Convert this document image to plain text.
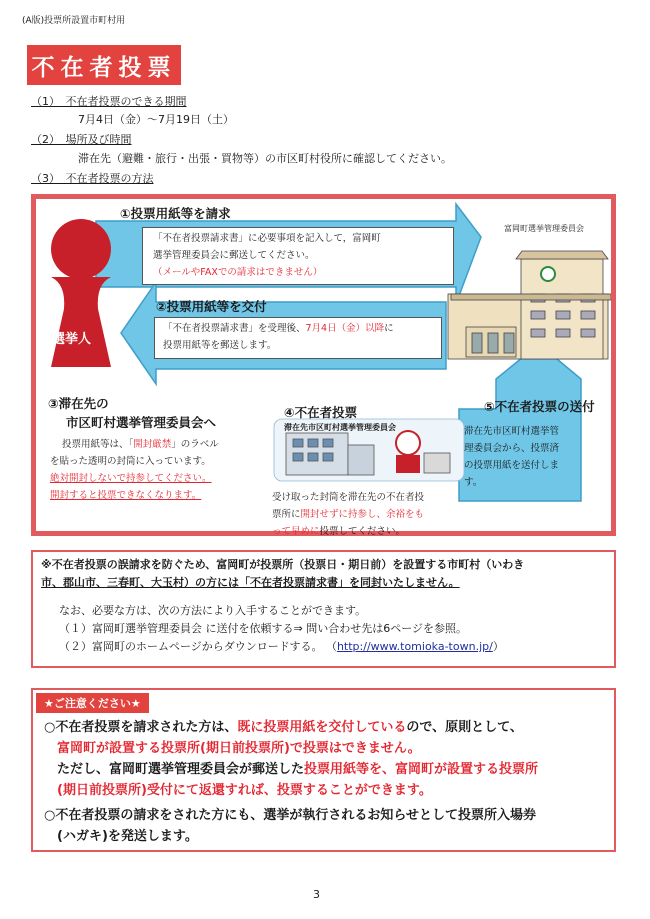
(A版)投票所設置市町村用
不在者投票
（1）　不在者投票のできる期間
7月4日（金）～7月19日（土）
（2）　場所及び時間
滞在先（避難・旅行・出張・買物等）の市区町村役所に確認してください。
（3）　不在者投票の方法
①投票用紙等を請求
選挙人
富岡町選挙管理委員会
「不在者投票請求書」に必要事項を記入して，富岡町
選挙管理委員会に郵送してください。
（メールやFAXでの請求はできません）
②投票用紙等を交付
「不在者投票請求書」を受理後、7月4日（金）以降に
投票用紙等を郵送します。
③滞在先の
市区町村選挙管理委員会へ
投票用紙等は、「開封厳禁」のラベル
を貼った透明の封筒に入っています。
絶対開封しないで持参してください。
開封すると投票できなくなります。
④不在者投票
滞在先市区町村選挙管理委員会
受け取った封筒を滞在先の不在者投
票所に開封せずに持参し、余裕をも
って早めに投票してください。
⑤不在者投票の送付
滞在先市区町村選挙管
理委員会から、投票済
の投票用紙を送付しま
す。
※不在者投票の誤請求を防ぐため、富岡町が投票所（投票日・期日前）を設置する市町村（いわき
市、郡山市、三春町、大玉村）の方には「不在者投票請求書」を同封いたしません。
なお、必要な方は、次の方法により入手することができます。
（１）富岡町選挙管理委員会 に送付を依頼する⇒ 問い合わせ先は6ページを参照。
（２）富岡町のホームページからダウンロードする。 （http://www.tomioka-town.jp/）
★ご注意ください★
○不在者投票を請求された方は、既に投票用紙を交付しているので、原則として、
富岡町が設置する投票所(期日前投票所)で投票はできません。
ただし、富岡町選挙管理委員会が郵送した投票用紙等を、富岡町が設置する投票所
(期日前投票所)受付にて返還すれば、投票することができます。
○不在者投票の請求をされた方にも、選挙が執行されるお知らせとして投票所入場券
(ハガキ)を発送します。
3
